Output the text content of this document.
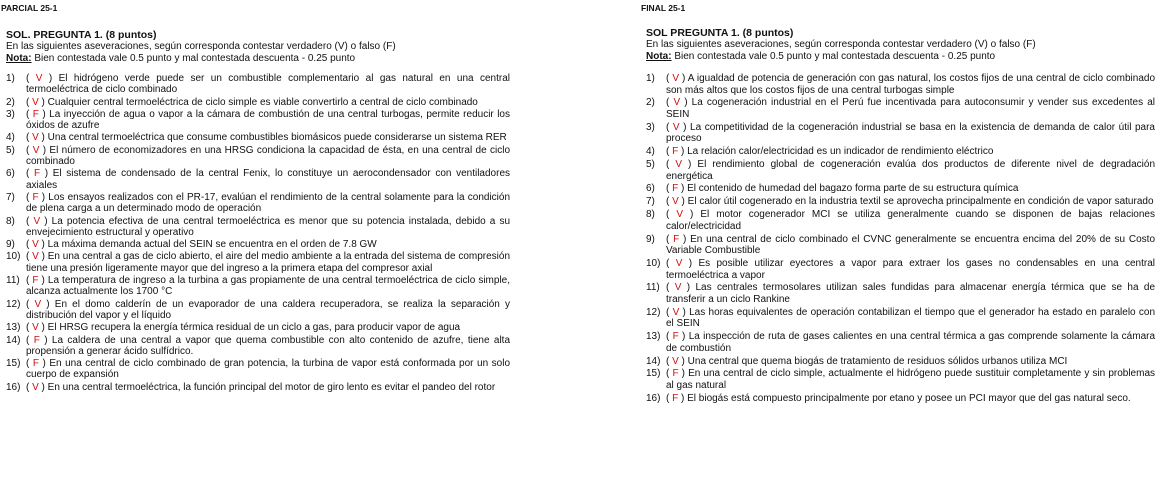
PARCIAL 25-1
SOL. PREGUNTA 1. (8 puntos)
En las siguientes aseveraciones, según corresponda contestar verdadero (V) o falso (F)
Nota: Bien contestada vale 0.5 punto y mal contestada descuenta - 0.25 punto
1)	( V ) El hidrógeno verde puede ser un combustible complementario al gas natural en una central termoeléctrica de ciclo combinado
2)	( V ) Cualquier central termoeléctrica de ciclo simple es viable convertirlo a central de ciclo combinado
3)	( F ) La inyección de agua o vapor a la cámara de combustión de una central turbogas, permite reducir los óxidos de azufre
4)	( V ) Una central termoeléctrica que consume combustibles biomásicos puede considerarse un sistema RER
5)	( V ) El número de economizadores en una HRSG condiciona la capacidad de ésta, en una central de ciclo combinado
6)	( F ) El sistema de condensado de la central Fenix, lo constituye un aerocondensador con ventiladores axiales
7)	( F ) Los ensayos realizados con el PR-17, evalúan el rendimiento de la central solamente para la condición de plena carga a un determinado modo de operación
8)	( V ) La potencia efectiva de una central termoeléctrica es menor que su potencia instalada, debido a su envejecimiento estructural y operativo
9)	( V ) La máxima demanda actual del SEIN se encuentra en el orden de 7.8 GW
10) ( V ) En una central a gas de ciclo abierto, el aire del medio ambiente a la entrada del sistema de compresión tiene una presión ligeramente mayor que del ingreso a la primera etapa del compresor axial
11) ( F ) La temperatura de ingreso a la turbina a gas propiamente de una central termoeléctrica de ciclo simple, alcanza actualmente los 1700 °C
12) ( V ) En el domo calderín de un evaporador de una caldera recuperadora, se realiza la separación y distribución del vapor y el líquido
13) ( V ) El HRSG recupera la energía térmica residual de un ciclo a gas, para producir vapor de agua
14) ( F ) La caldera de una central a vapor que quema combustible con alto contenido de azufre, tiene alta propensión a generar ácido sulfídrico.
15) ( F ) En una central de ciclo combinado de gran potencia, la turbina de vapor está conformada por un solo cuerpo de expansión
16) ( V ) En una central termoeléctrica, la función principal del motor de giro lento es evitar el pandeo del rotor
FINAL 25-1
SOL PREGUNTA 1. (8 puntos)
En las siguientes aseveraciones, según corresponda contestar verdadero (V) o falso (F)
Nota: Bien contestada vale 0.5 punto y mal contestada descuenta - 0.25 punto
1)	( V ) A igualdad de potencia de generación con gas natural, los costos fijos de una central de ciclo combinado son más altos que los costos fijos de una central turbogas simple
2)	( V ) La cogeneración industrial en el Perú fue incentivada para autoconsumir y vender sus excedentes al SEIN
3)	( V ) La competitividad de la cogeneración industrial se basa en la existencia de demanda de calor útil para proceso
4)	( F ) La relación calor/electricidad es un indicador de rendimiento eléctrico
5)	( V ) El rendimiento global de cogeneración evalúa dos productos de diferente nivel de degradación energética
6)	( F ) El contenido de humedad del bagazo forma parte de su estructura química
7)	( V ) El calor útil cogenerado en la industria textil se aprovecha principalmente en condición de vapor saturado
8)	( V ) El motor cogenerador MCI se utiliza generalmente cuando se disponen de bajas relaciones calor/electricidad
9)	( F ) En una central de ciclo combinado el CVNC generalmente se encuentra encima del 20% de su Costo Variable Combustible
10) ( V ) Es posible utilizar eyectores a vapor para extraer los gases no condensables en una central termoeléctrica a vapor
11) ( V ) Las centrales termosolares utilizan sales fundidas para almacenar energía térmica que se ha de transferir a un ciclo Rankine
12) ( V ) Las horas equivalentes de operación contabilizan el tiempo que el generador ha estado en paralelo con el SEIN
13) ( F ) La inspección de ruta de gases calientes en una central térmica a gas comprende solamente la cámara de combustión
14) ( V ) Una central que quema biogás de tratamiento de residuos sólidos urbanos utiliza MCI
15) ( F ) En una central de ciclo simple, actualmente el hidrógeno puede sustituir completamente y sin problemas al gas natural
16) ( F ) El biogás está compuesto principalmente por etano y posee un PCI mayor que del gas natural seco.
